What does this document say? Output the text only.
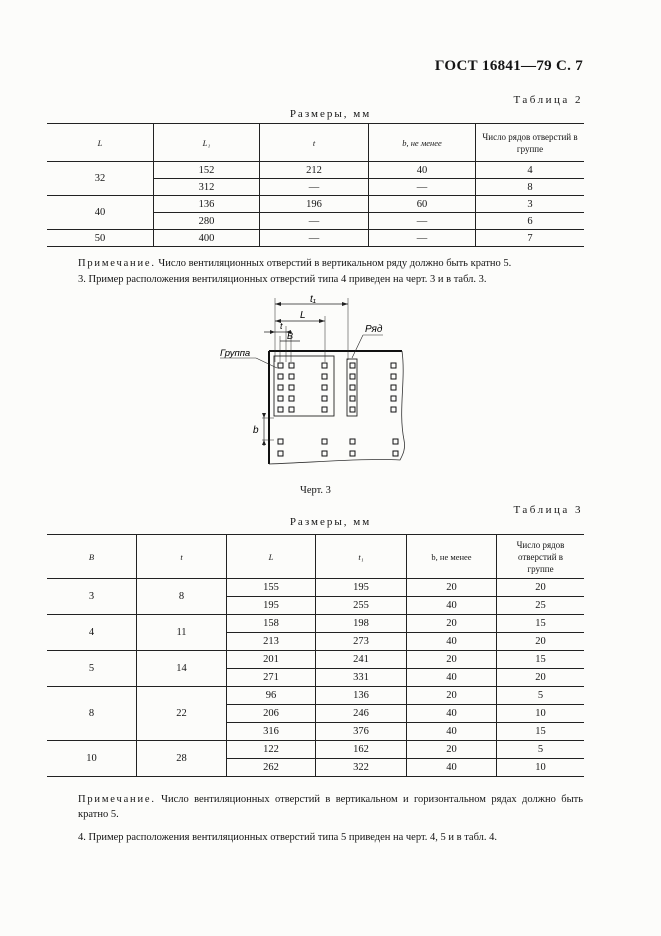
ГОСТ 16841—79 С. 7
Таблица 2
Размеры, мм
L	L₁	t	b, не менее	Число рядов отверстий в группе
32	152	212	40	4
	312	—	—	8
40	136	196	60	3
	280	—	—	6
50	400	—	—	7
Примечание. Число вентиляционных отверстий в вертикальном ряду должно быть кратно 5.
3. Пример расположения вентиляционных отверстий типа 4 приведен на черт. 3 и в табл. 3.
t₁
L
t
B
Группа
Ряд
b
Черт. 3
Таблица 3
Размеры, мм
B	t	L	t₁	b, не менее	Число рядов отверстий в группе
3	8	155	195	20	20
		195	255	40	25
4	11	158	198	20	15
		213	273	40	20
5	14	201	241	20	15
		271	331	40	20
8	22	96	136	20	5
		206	246	40	10
		316	376	40	15
10	28	122	162	20	5
		262	322	40	10
Примечание. Число вентиляционных отверстий в вертикальном и горизонтальном рядах должно быть кратно 5.
4. Пример расположения вентиляционных отверстий типа 5 приведен на черт. 4, 5 и в табл. 4.
